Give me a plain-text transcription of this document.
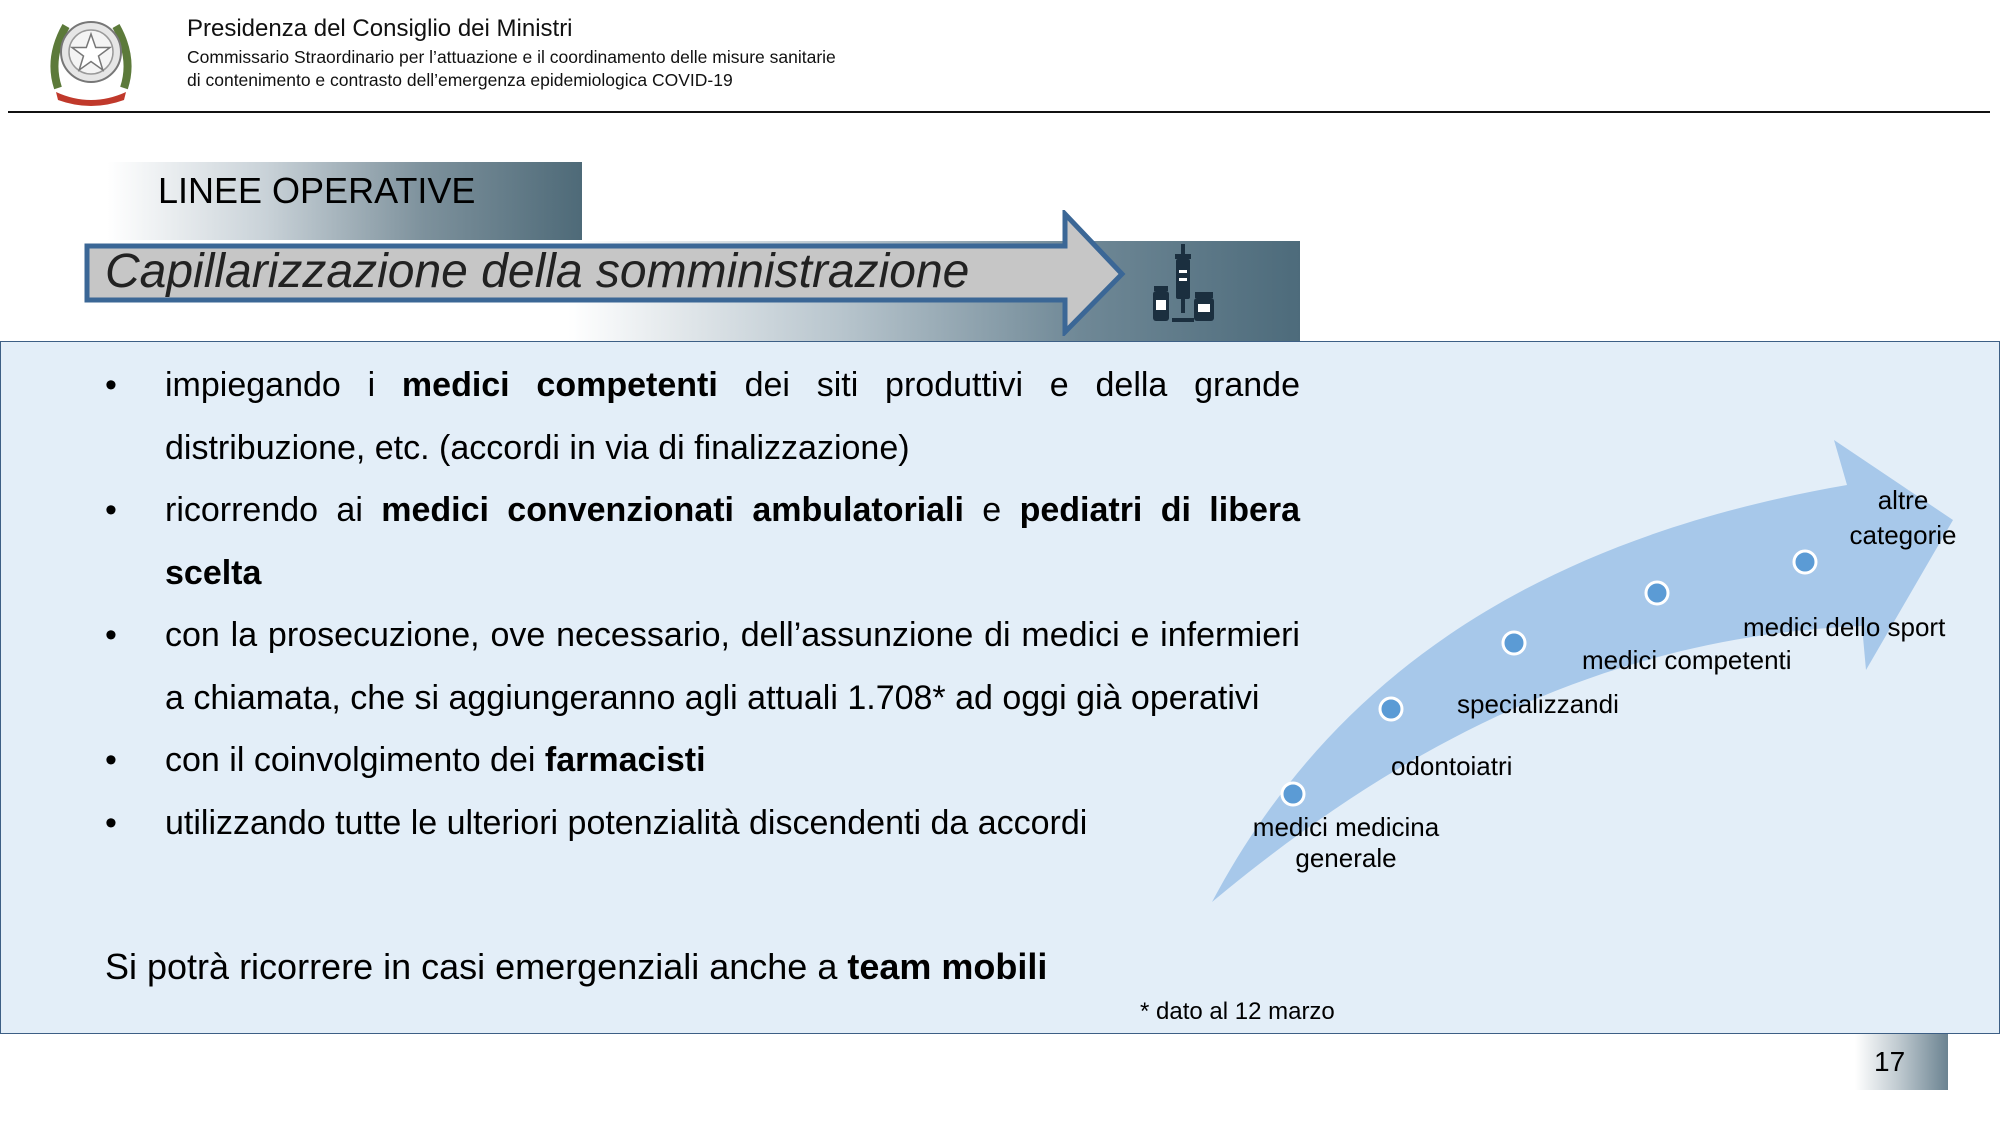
Presidenza del Consiglio dei Ministri
Commissario Straordinario per l’attuazione e il coordinamento delle misure sanitarie
di contenimento e contrasto dell’emergenza epidemiologica COVID-19
LINEE OPERATIVE
Capillarizzazione della somministrazione
• impiegando i medici competenti dei siti produttivi e della grande distribuzione, etc. (accordi in via di finalizzazione)
• ricorrendo ai medici convenzionati ambulatoriali e pediatri di libera scelta
• con la prosecuzione, ove necessario, dell’assunzione di medici e infermieri a chiamata, che si aggiungeranno agli attuali 1.708* ad oggi già operativi
• con il coinvolgimento dei farmacisti
• utilizzando tutte le ulteriori potenzialità discendenti da accordi
Si potrà ricorrere in casi emergenziali anche a team mobili
* dato al 12 marzo
medici medicina generale
odontoiatri
specializzandi
medici competenti
medici dello sport
altre categorie
17
